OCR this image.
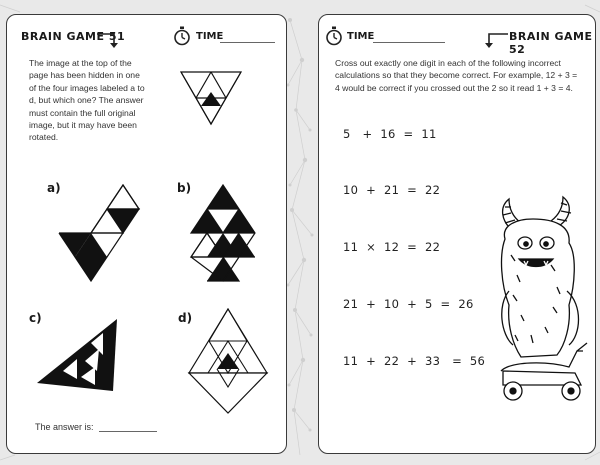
BRAIN GAME 51	TIME
The image at the top of the page has been hidden in one of the four images labeled a to d, but which one? The answer must contain the full original image, but it may have been rotated.
a)	b)
c)	d)
The answer is:
TIME	BRAIN GAME 52
Cross out exactly one digit in each of the following incorrect calculations so that they become correct. For example, 12 + 3 = 4 would be correct if you crossed out the 2 so it read 1 + 3 = 4.
5   +  16  =  11
10  +  21  =  22
11  ×  12  =  22
21  +  10  +  5  =  26
11  +  22  +  33   =  56
